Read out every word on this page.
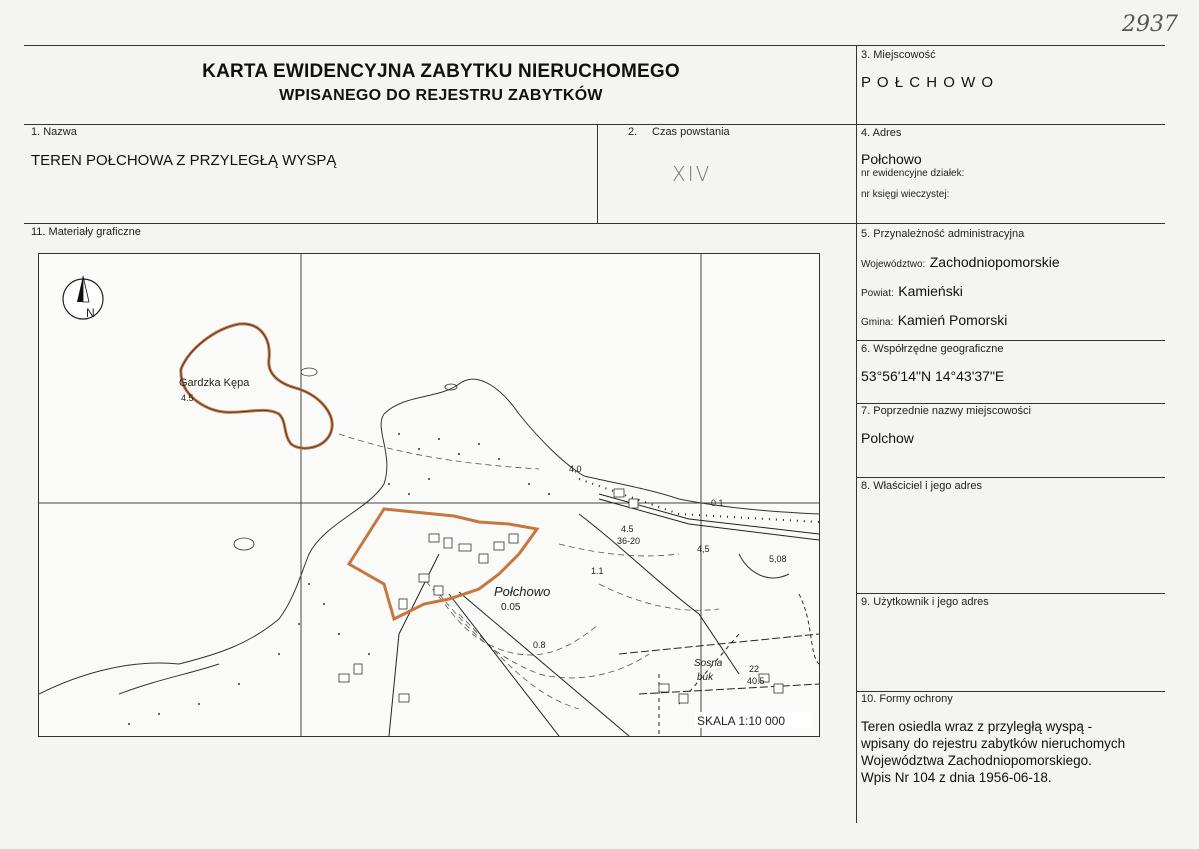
2937
KARTA EWIDENCYJNA ZABYTKU NIERUCHOMEGO
WPISANEGO DO REJESTRU ZABYTKÓW
3. Miejscowość
P O Ł C H O W O
1. Nazwa
TEREN POŁCHOWA Z PRZYLEGŁĄ WYSPĄ
2. Czas powstania
XIV
4. Adres
Połchowo
nr ewidencyjne działek:
nr księgi wieczystej:
11. Materiały graficzne	5. Przynależność administracyjna
Województwo: Zachodniopomorskie
Powiat: Kamieński
Gmina: Kamień Pomorski
6. Współrzędne geograficzne
53°56'14"N 14°43'37"E
7. Poprzednie nazwy miejscowości
Polchow
8. Właściciel i jego adres
9. Użytkownik i jego adres
10. Formy ochrony
Teren osiedla wraz z przyległą wyspą -
wpisany do rejestru zabytków nieruchomych
Województwa Zachodniopomorskiego.
Wpis Nr 104 z dnia 1956-06-18.
N
Gardzka Kępa
Połchowo
0.05
0.1
4,0
4,5
4.5
36-20
5,08
1.1
0.8
Sosna
buk
22
40.5
4.5
SKALA 1:10 000
